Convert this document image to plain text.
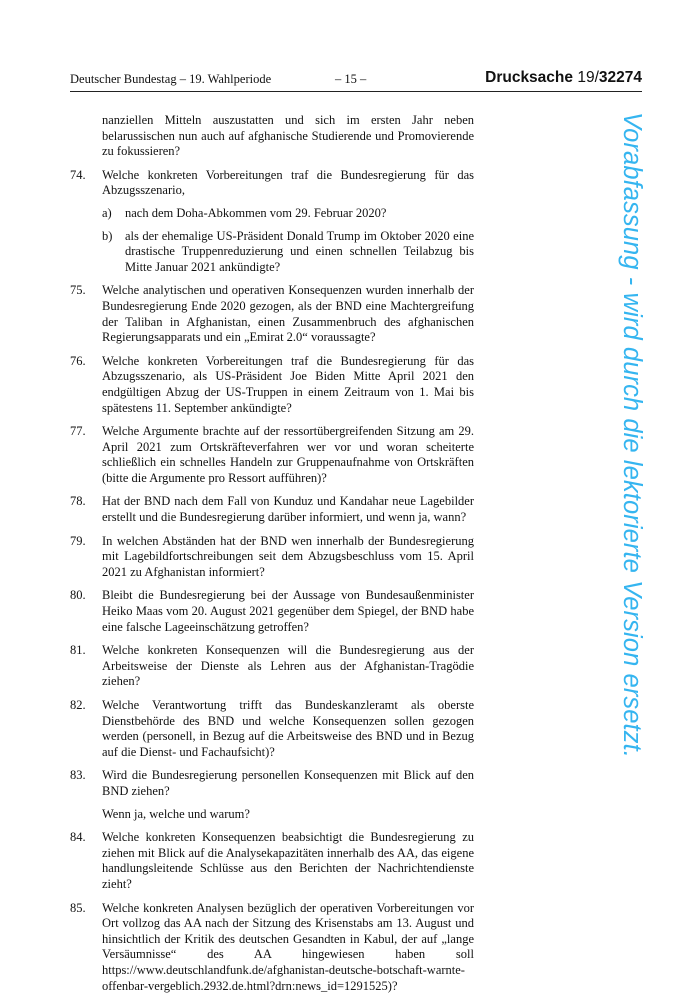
Deutscher Bundestag – 19. Wahlperiode	– 15 –	Drucksache 19/32274
nanziellen Mitteln auszustatten und sich im ersten Jahr neben belarussischen nun auch auf afghanische Studierende und Promovierende zu fokussieren?
74. Welche konkreten Vorbereitungen traf die Bundesregierung für das Abzugsszenario,
a) nach dem Doha-Abkommen vom 29. Februar 2020?
b) als der ehemalige US-Präsident Donald Trump im Oktober 2020 eine drastische Truppenreduzierung und einen schnellen Teilabzug bis Mitte Januar 2021 ankündigte?
75. Welche analytischen und operativen Konsequenzen wurden innerhalb der Bundesregierung Ende 2020 gezogen, als der BND eine Machtergreifung der Taliban in Afghanistan, einen Zusammenbruch des afghanischen Regierungsapparats und ein „Emirat 2.0“ voraussagte?
76. Welche konkreten Vorbereitungen traf die Bundesregierung für das Abzugsszenario, als US-Präsident Joe Biden Mitte April 2021 den endgültigen Abzug der US-Truppen in einem Zeitraum von 1. Mai bis spätestens 11. September ankündigte?
77. Welche Argumente brachte auf der ressortübergreifenden Sitzung am 29. April 2021 zum Ortskräfteverfahren wer vor und woran scheiterte schließlich ein schnelles Handeln zur Gruppenaufnahme von Ortskräften (bitte die Argumente pro Ressort aufführen)?
78. Hat der BND nach dem Fall von Kunduz und Kandahar neue Lagebilder erstellt und die Bundesregierung darüber informiert, und wenn ja, wann?
79. In welchen Abständen hat der BND wen innerhalb der Bundesregierung mit Lagebildfortschreibungen seit dem Abzugsbeschluss vom 15. April 2021 zu Afghanistan informiert?
80. Bleibt die Bundesregierung bei der Aussage von Bundesaußenminister Heiko Maas vom 20. August 2021 gegenüber dem Spiegel, der BND habe eine falsche Lageeinschätzung getroffen?
81. Welche konkreten Konsequenzen will die Bundesregierung aus der Arbeitsweise der Dienste als Lehren aus der Afghanistan-Tragödie ziehen?
82. Welche Verantwortung trifft das Bundeskanzleramt als oberste Dienstbehörde des BND und welche Konsequenzen sollen gezogen werden (personell, in Bezug auf die Arbeitsweise des BND und in Bezug auf die Dienst- und Fachaufsicht)?
83. Wird die Bundesregierung personellen Konsequenzen mit Blick auf den BND ziehen?
Wenn ja, welche und warum?
84. Welche konkreten Konsequenzen beabsichtigt die Bundesregierung zu ziehen mit Blick auf die Analysekapazitäten innerhalb des AA, das eigene handlungsleitende Schlüsse aus den Berichten der Nachrichtendienste zieht?
85. Welche konkreten Analysen bezüglich der operativen Vorbereitungen vor Ort vollzog das AA nach der Sitzung des Krisenstabs am 13. August und hinsichtlich der Kritik des deutschen Gesandten in Kabul, der auf „lange Versäumnisse“ des AA hingewiesen haben soll https://www.deutschlandfunk.de/afghanistan-deutsche-botschaft-warnte-offenbar-vergeblich.2932.de.html?drn:news_id=1291525)?
Vorabfassung - wird durch die lektorierte Version ersetzt.
